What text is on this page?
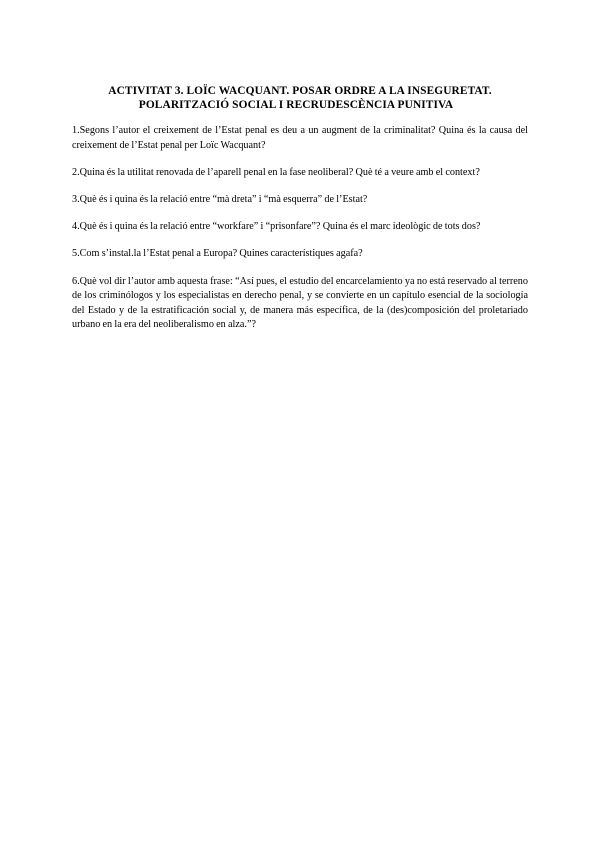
ACTIVITAT 3. LOÏC WACQUANT. POSAR ORDRE A LA INSEGURETAT.
POLARITZACIÓ SOCIAL I RECRUDESCÈNCIA PUNITIVA

1.Segons l’autor el creixement de l’Estat penal es deu a un augment de la criminalitat? Quina és la causa del creixement de l’Estat penal per Loïc Wacquant?

2.Quina és la utilitat renovada de l’aparell penal en la fase neoliberal? Què té a veure amb el context?

3.Què és i quina és la relació entre “mà dreta” i “mà esquerra” de l’Estat?

4.Què és i quina és la relació entre “workfare” i “prisonfare”? Quina és el marc ideològic de tots dos?

5.Com s’instal.la l’Estat penal a Europa? Quines característiques agafa?

6.Què vol dir l’autor amb aquesta frase: “Así pues, el estudio del encarcelamiento ya no está reservado al terreno de los criminólogos y los especialistas en derecho penal, y se convierte en un capítulo esencial de la sociología del Estado y de la estratificación social y, de manera más específica, de la (des)composición del proletariado urbano en la era del neoliberalismo en alza.”?
